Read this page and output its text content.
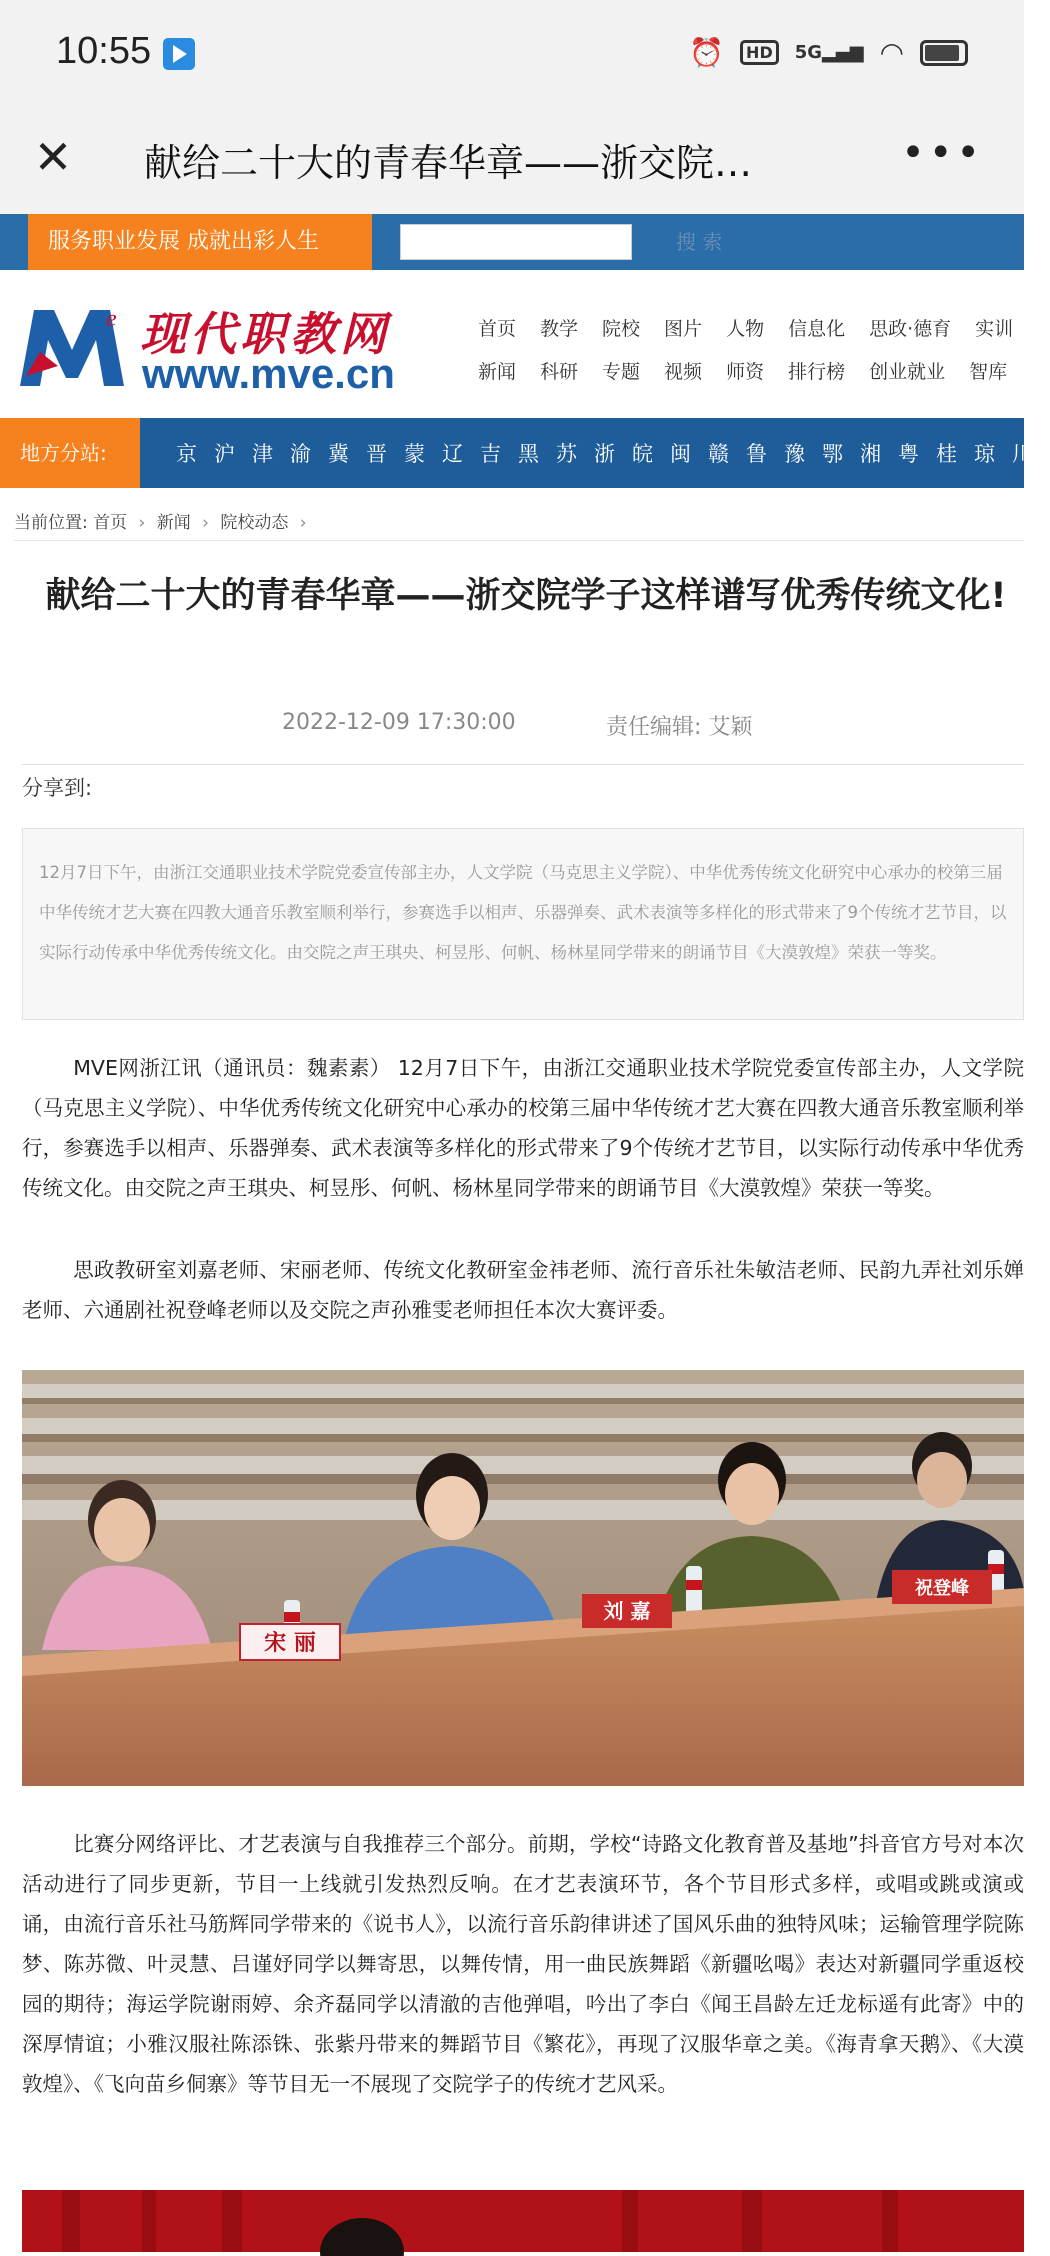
10:55	⏰	HD	5G▂▄▆ ◠
✕ 献给二十大的青春华章——浙交院…	•••
服务职业发展 成就出彩人生	搜 索
e 现代职教网
www.mve.cn
首页 教学 院校 图片 人物 信息化 思政·德育 实训
新闻 科研 专题 视频 师资 排行榜 创业就业 智库
地方分站:	京 沪 津 渝 冀 晋 蒙 辽 吉 黑 苏 浙 皖 闽 赣 鲁 豫 鄂 湘 粤 桂 琼 川
当前位置: 首页 › 新闻 › 院校动态 ›
献给二十大的青春华章——浙交院学子这样谱写优秀传统文化!
2022-12-09 17:30:00	责任编辑: 艾颖
分享到:
12月7日下午，由浙江交通职业技术学院党委宣传部主办，人文学院（马克思主义学院）、中华优秀传统文化研究中心承办的校第三届中华传统才艺大赛在四教大通音乐教室顺利举行，参赛选手以相声、乐器弹奏、武术表演等多样化的形式带来了9个传统才艺节目，以实际行动传承中华优秀传统文化。由交院之声王琪央、柯昱彤、何帆、杨林星同学带来的朗诵节目《大漠敦煌》荣获一等奖。

MVE网浙江讯（通讯员：魏素素） 12月7日下午，由浙江交通职业技术学院党委宣传部主办，人文学院（马克思主义学院）、中华优秀传统文化研究中心承办的校第三届中华传统才艺大赛在四教大通音乐教室顺利举行，参赛选手以相声、乐器弹奏、武术表演等多样化的形式带来了9个传统才艺节目，以实际行动传承中华优秀传统文化。由交院之声王琪央、柯昱彤、何帆、杨林星同学带来的朗诵节目《大漠敦煌》荣获一等奖。

思政教研室刘嘉老师、宋丽老师、传统文化教研室金祎老师、流行音乐社朱敏洁老师、民韵九弄社刘乐婵老师、六通剧社祝登峰老师以及交院之声孙雅雯老师担任本次大赛评委。

宋 丽
刘 嘉
祝登峰

比赛分网络评比、才艺表演与自我推荐三个部分。前期，学校“诗路文化教育普及基地”抖音官方号对本次活动进行了同步更新，节目一上线就引发热烈反响。在才艺表演环节，各个节目形式多样，或唱或跳或演或诵，由流行音乐社马筋辉同学带来的《说书人》，以流行音乐韵律讲述了国风乐曲的独特风味；运输管理学院陈梦、陈苏微、叶灵慧、吕谨妤同学以舞寄思，以舞传情，用一曲民族舞蹈《新疆吆喝》表达对新疆同学重返校园的期待；海运学院谢雨婷、余齐磊同学以清澈的吉他弹唱，吟出了李白《闻王昌龄左迁龙标遥有此寄》中的深厚情谊；小雅汉服社陈添铢、张紫丹带来的舞蹈节目《繁花》，再现了汉服华章之美。《海青拿天鹅》、《大漠敦煌》、《飞向苗乡侗寨》等节目无一不展现了交院学子的传统才艺风采。
